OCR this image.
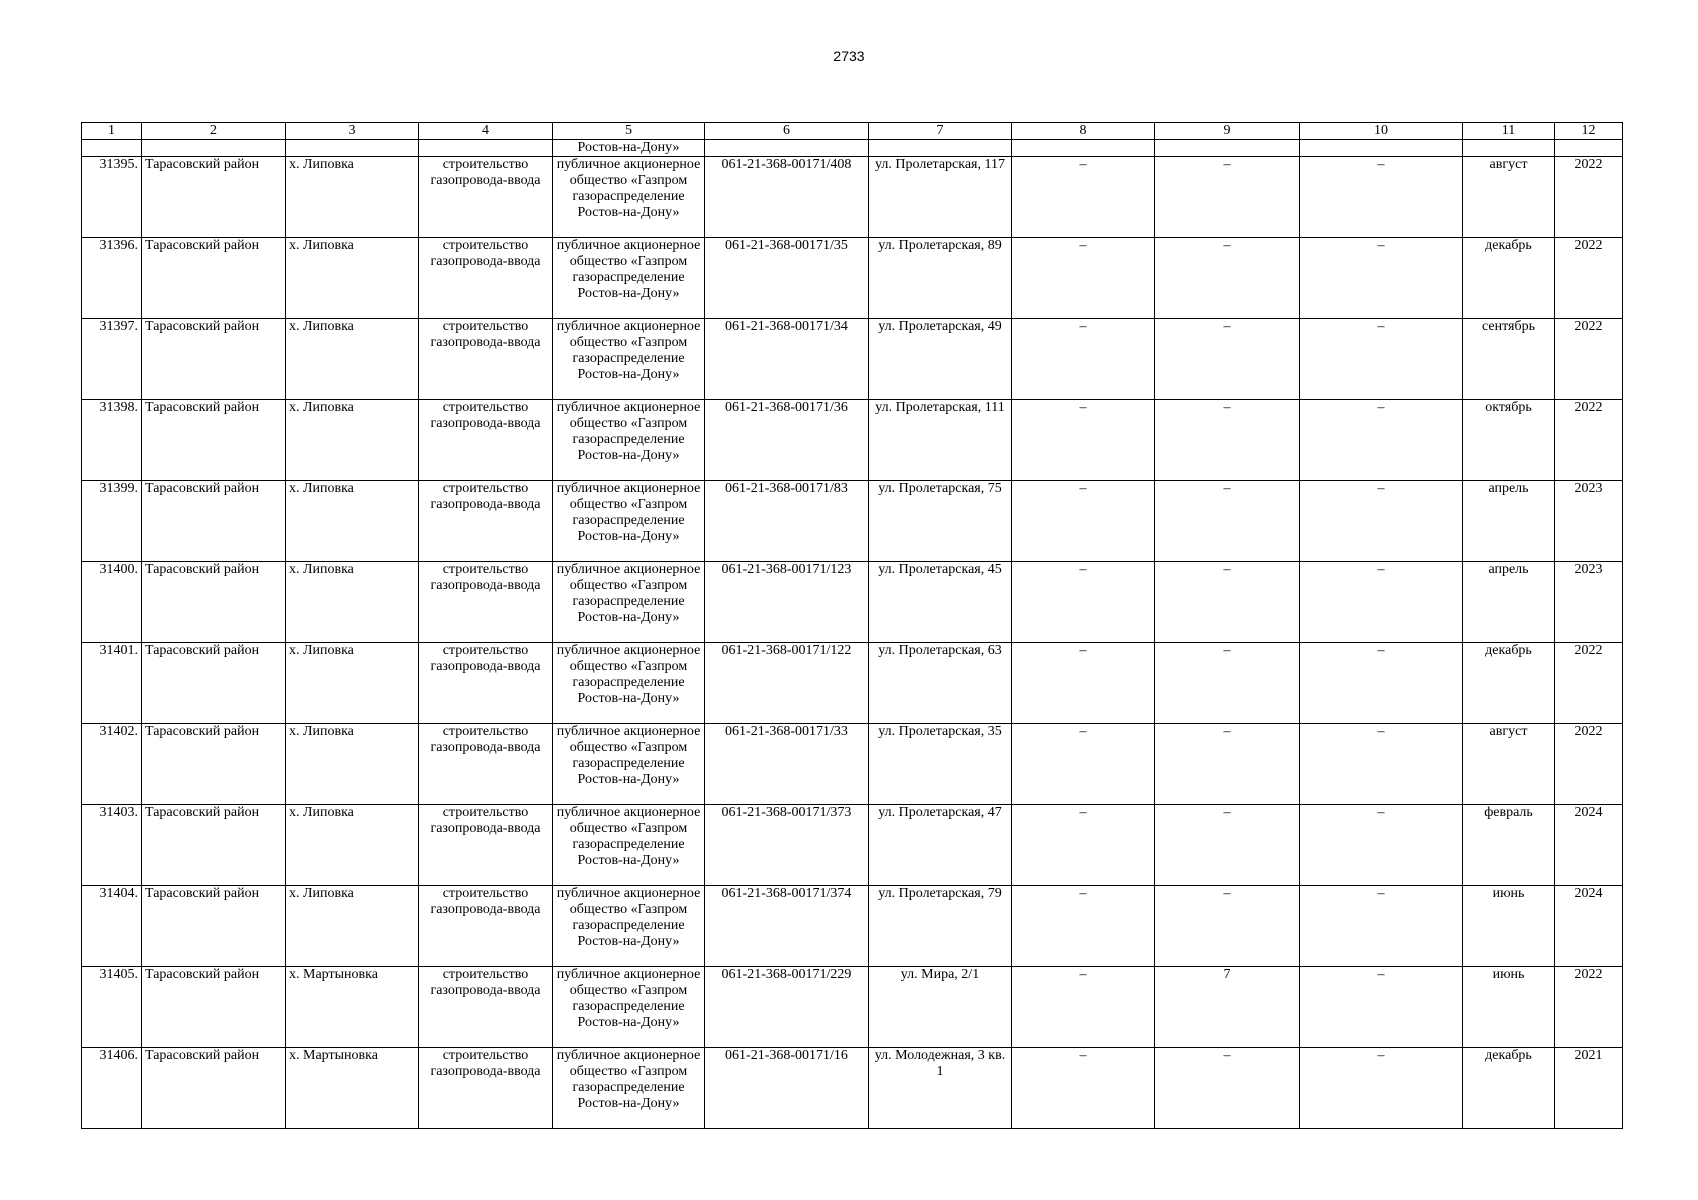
2733
1	2	3	4	5	6	7	8	9	10	11	12
				Ростов-на-Дону»							
31395.	Тарасовский район	х. Липовка	строительство газопровода-ввода	публичное акционерное общество «Газпром газораспределение Ростов-на-Дону»	061-21-368-00171/408	ул. Пролетарская, 117	–	–	–	август	2022
31396.	Тарасовский район	х. Липовка	строительство газопровода-ввода	публичное акционерное общество «Газпром газораспределение Ростов-на-Дону»	061-21-368-00171/35	ул. Пролетарская, 89	–	–	–	декабрь	2022
31397.	Тарасовский район	х. Липовка	строительство газопровода-ввода	публичное акционерное общество «Газпром газораспределение Ростов-на-Дону»	061-21-368-00171/34	ул. Пролетарская, 49	–	–	–	сентябрь	2022
31398.	Тарасовский район	х. Липовка	строительство газопровода-ввода	публичное акционерное общество «Газпром газораспределение Ростов-на-Дону»	061-21-368-00171/36	ул. Пролетарская, 111	–	–	–	октябрь	2022
31399.	Тарасовский район	х. Липовка	строительство газопровода-ввода	публичное акционерное общество «Газпром газораспределение Ростов-на-Дону»	061-21-368-00171/83	ул. Пролетарская, 75	–	–	–	апрель	2023
31400.	Тарасовский район	х. Липовка	строительство газопровода-ввода	публичное акционерное общество «Газпром газораспределение Ростов-на-Дону»	061-21-368-00171/123	ул. Пролетарская, 45	–	–	–	апрель	2023
31401.	Тарасовский район	х. Липовка	строительство газопровода-ввода	публичное акционерное общество «Газпром газораспределение Ростов-на-Дону»	061-21-368-00171/122	ул. Пролетарская, 63	–	–	–	декабрь	2022
31402.	Тарасовский район	х. Липовка	строительство газопровода-ввода	публичное акционерное общество «Газпром газораспределение Ростов-на-Дону»	061-21-368-00171/33	ул. Пролетарская, 35	–	–	–	август	2022
31403.	Тарасовский район	х. Липовка	строительство газопровода-ввода	публичное акционерное общество «Газпром газораспределение Ростов-на-Дону»	061-21-368-00171/373	ул. Пролетарская, 47	–	–	–	февраль	2024
31404.	Тарасовский район	х. Липовка	строительство газопровода-ввода	публичное акционерное общество «Газпром газораспределение Ростов-на-Дону»	061-21-368-00171/374	ул. Пролетарская, 79	–	–	–	июнь	2024
31405.	Тарасовский район	х. Мартыновка	строительство газопровода-ввода	публичное акционерное общество «Газпром газораспределение Ростов-на-Дону»	061-21-368-00171/229	ул. Мира, 2/1	–	7	–	июнь	2022
31406.	Тарасовский район	х. Мартыновка	строительство газопровода-ввода	публичное акционерное общество «Газпром газораспределение Ростов-на-Дону»	061-21-368-00171/16	ул. Молодежная, 3 кв. 1	–	–	–	декабрь	2021
